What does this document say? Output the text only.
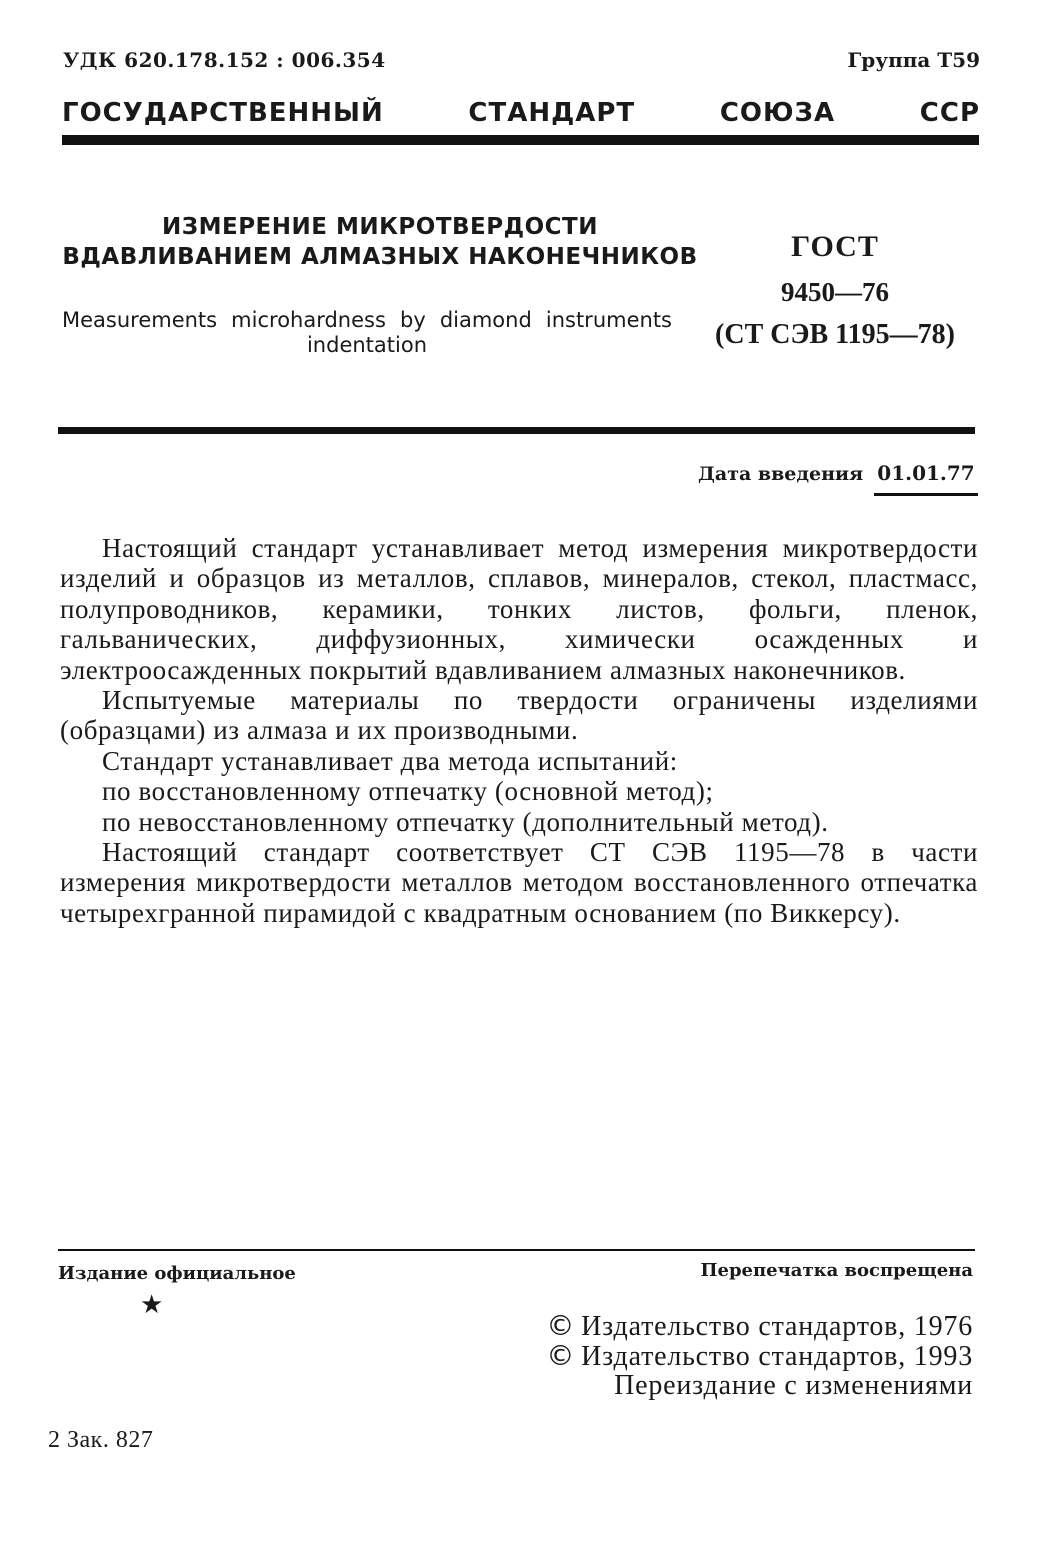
УДК 620.178.152 : 006.354	Группа Т59
ГОСУДАРСТВЕННЫЙ СТАНДАРТ СОЮЗА ССР
ИЗМЕРЕНИЕ МИКРОТВЕРДОСТИ
ВДАВЛИВАНИЕМ АЛМАЗНЫХ НАКОНЕЧНИКОВ
Measurements microhardness by diamond instruments
indentation
ГОСТ
9450—76
(СТ СЭВ 1195—78)
Дата введения 01.01.77

Настоящий стандарт устанавливает метод измерения микротвердости изделий и образцов из металлов, сплавов, минералов, стекол, пластмасс, полупроводников, керамики, тонких листов, фольги, пленок, гальванических, диффузионных, химически осажденных и электроосажденных покрытий вдавливанием алмазных наконечников.

Испытуемые материалы по твердости ограничены изделиями (образцами) из алмаза и их производными.

Стандарт устанавливает два метода испытаний:

по восстановленному отпечатку (основной метод);

по невосстановленному отпечатку (дополнительный метод).

Настоящий стандарт соответствует СТ СЭВ 1195—78 в части измерения микротвердости металлов методом восстановленного отпечатка четырехгранной пирамидой с квадратным основанием (по Виккерсу).

Издание официальное	Перепечатка воспрещена
★
© Издательство стандартов, 1976
© Издательство стандартов, 1993
Переиздание с изменениями
2 Зак. 827
